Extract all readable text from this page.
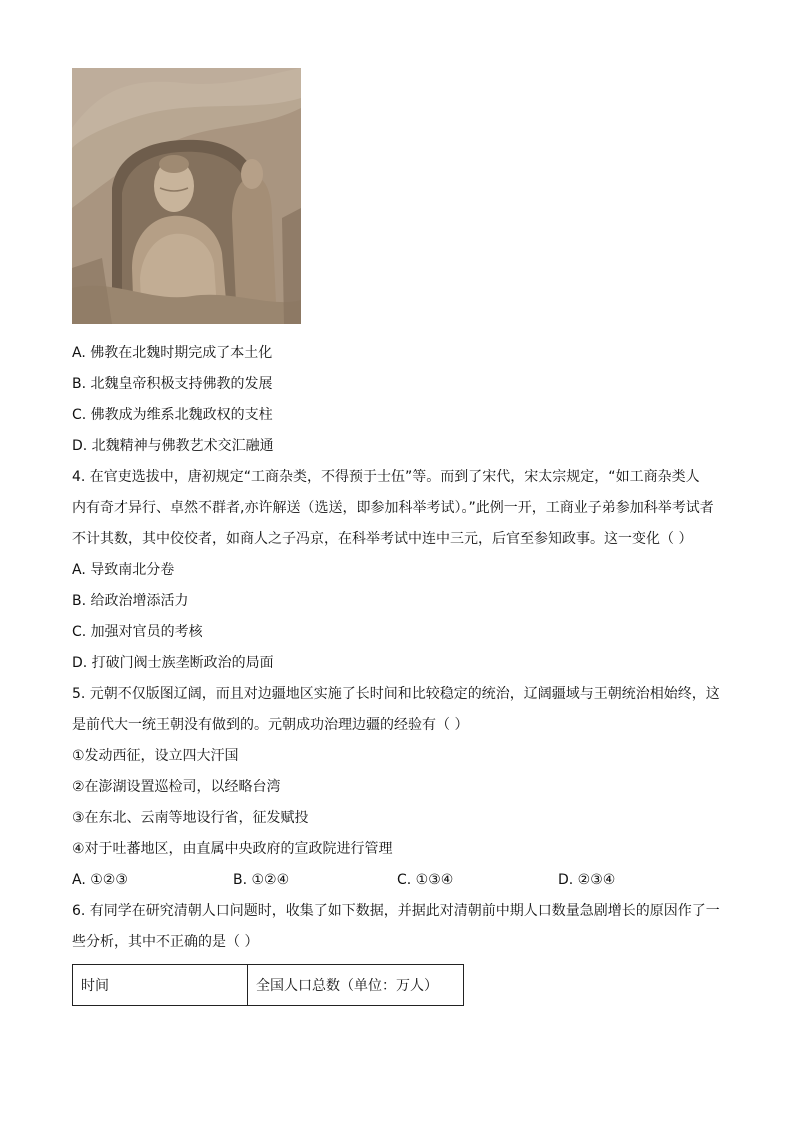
A. 佛教在北魏时期完成了本土化
B. 北魏皇帝积极支持佛教的发展
C. 佛教成为维系北魏政权的支柱
D. 北魏精神与佛教艺术交汇融通
4. 在官吏选拔中，唐初规定“工商杂类，不得预于士伍”等。而到了宋代，宋太宗规定，“如工商杂类人
内有奇才异行、卓然不群者,亦许解送（选送，即参加科举考试）。”此例一开，工商业子弟参加科举考试者
不计其数，其中佼佼者，如商人之子冯京，在科举考试中连中三元，后官至参知政事。这一变化（ ）
A. 导致南北分卷
B. 给政治增添活力
C. 加强对官员的考核
D. 打破门阀士族垄断政治的局面
5. 元朝不仅版图辽阔，而且对边疆地区实施了长时间和比较稳定的统治，辽阔疆域与王朝统治相始终，这
是前代大一统王朝没有做到的。元朝成功治理边疆的经验有（ ）
①发动西征，设立四大汗国
②在澎湖设置巡检司，以经略台湾
③在东北、云南等地设行省，征发赋投
④对于吐蕃地区，由直属中央政府的宣政院进行管理
A. ①②③	B. ①②④	C. ①③④	D. ②③④
6. 有同学在研究清朝人口问题时，收集了如下数据，并据此对清朝前中期人口数量急剧增长的原因作了一
些分析，其中不正确的是（ ）
时间	全国人口总数（单位：万人）
